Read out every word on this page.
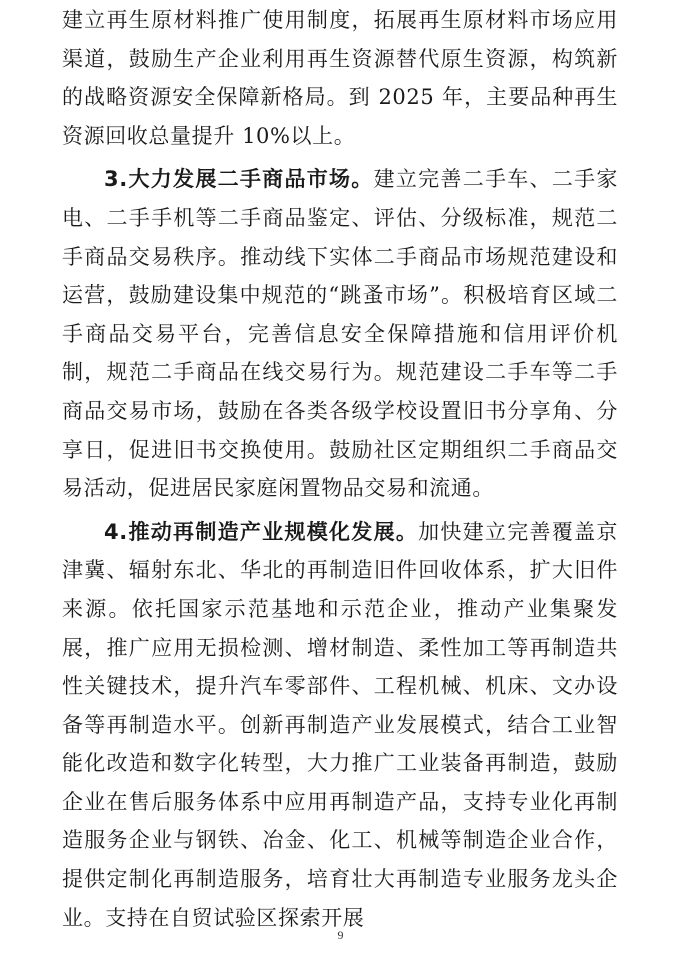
建立再生原材料推广使用制度，拓展再生原材料市场应用渠道，鼓励生产企业利用再生资源替代原生资源，构筑新的战略资源安全保障新格局。到 2025 年，主要品种再生资源回收总量提升 10%以上。

3.大力发展二手商品市场。建立完善二手车、二手家电、二手手机等二手商品鉴定、评估、分级标准，规范二手商品交易秩序。推动线下实体二手商品市场规范建设和运营，鼓励建设集中规范的“跳蚤市场”。积极培育区域二手商品交易平台，完善信息安全保障措施和信用评价机制，规范二手商品在线交易行为。规范建设二手车等二手商品交易市场，鼓励在各类各级学校设置旧书分享角、分享日，促进旧书交换使用。鼓励社区定期组织二手商品交易活动，促进居民家庭闲置物品交易和流通。

4.推动再制造产业规模化发展。加快建立完善覆盖京津冀、辐射东北、华北的再制造旧件回收体系，扩大旧件来源。依托国家示范基地和示范企业，推动产业集聚发展，推广应用无损检测、增材制造、柔性加工等再制造共性关键技术，提升汽车零部件、工程机械、机床、文办设备等再制造水平。创新再制造产业发展模式，结合工业智能化改造和数字化转型，大力推广工业装备再制造，鼓励企业在售后服务体系中应用再制造产品，支持专业化再制造服务企业与钢铁、冶金、化工、机械等制造企业合作，提供定制化再制造服务，培育壮大再制造专业服务龙头企业。支持在自贸试验区探索开展

9
